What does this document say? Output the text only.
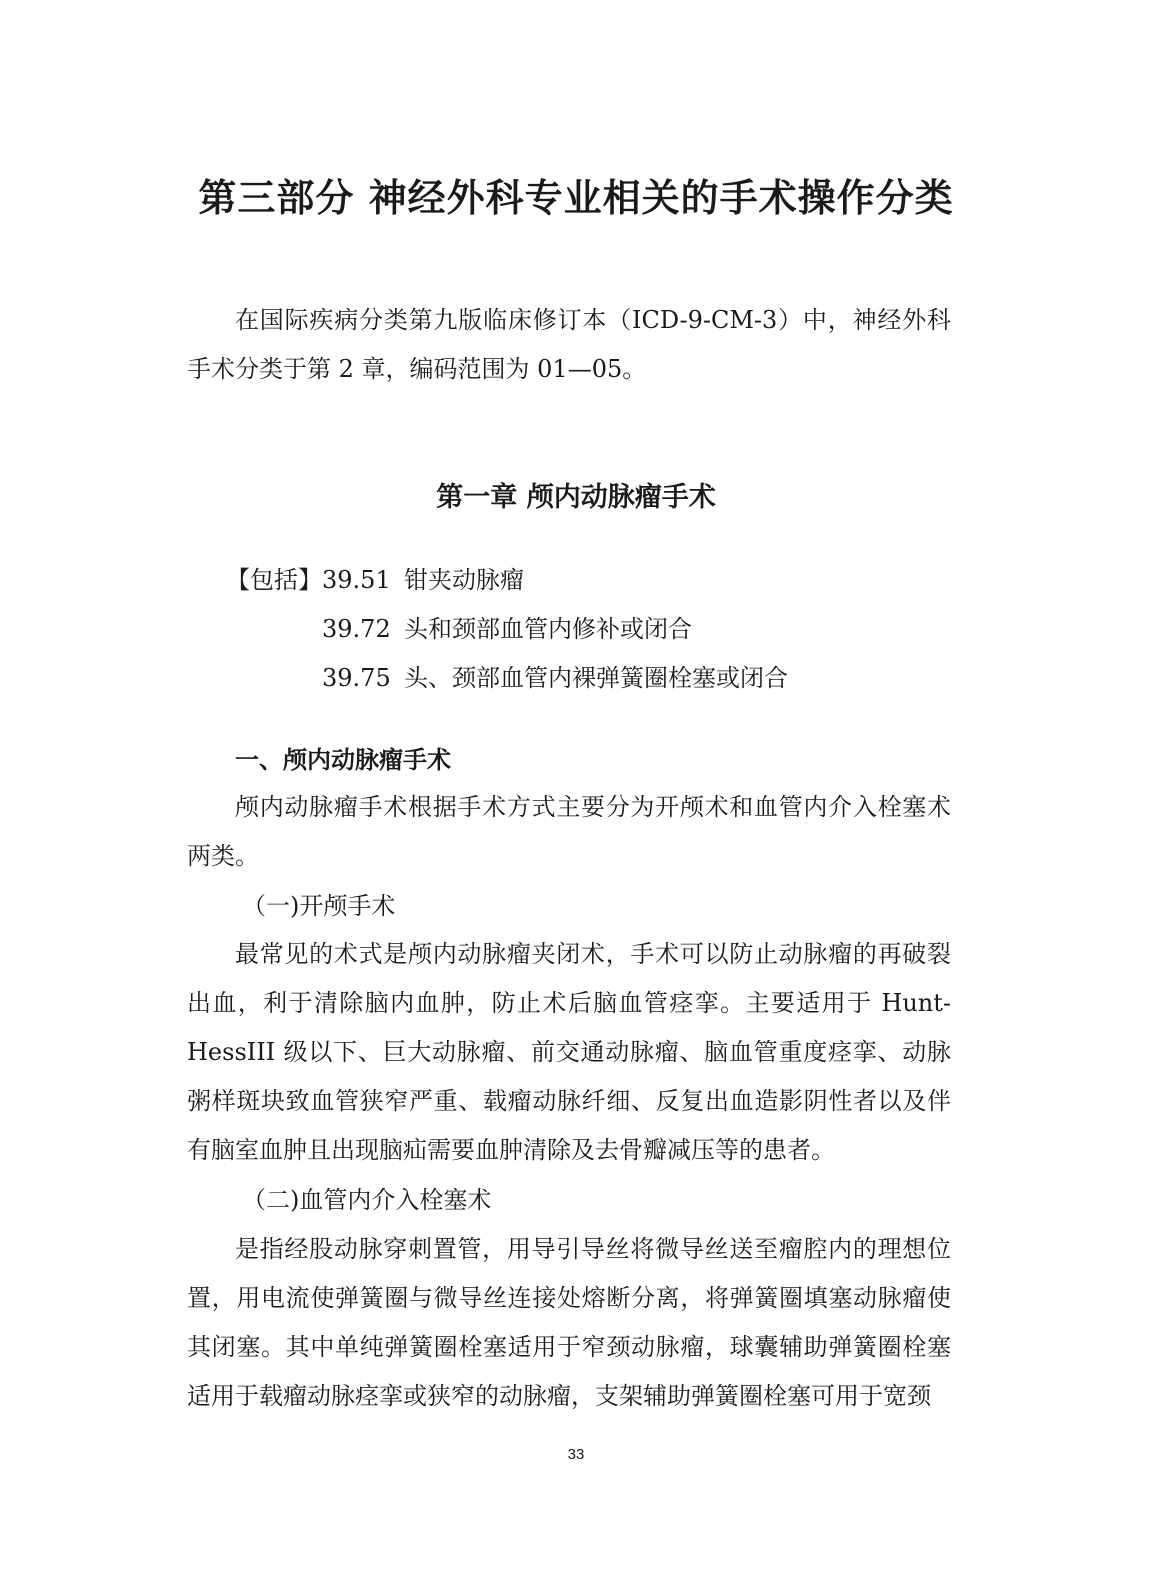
第三部分 神经外科专业相关的手术操作分类

在国际疾病分类第九版临床修订本（ICD-9-CM-3）中，神经外科手术分类于第 2 章，编码范围为 01—05。

第一章 颅内动脉瘤手术
【包括】 39.51 钳夹动脉瘤
39.72 头和颈部血管内修补或闭合
39.75 头、颈部血管内裸弹簧圈栓塞或闭合
一、颅内动脉瘤手术

颅内动脉瘤手术根据手术方式主要分为开颅术和血管内介入栓塞术两类。

（一)开颅手术

最常见的术式是颅内动脉瘤夹闭术，手术可以防止动脉瘤的再破裂出血，利于清除脑内血肿，防止术后脑血管痉挛。主要适用于 Hunt-HessIII 级以下、巨大动脉瘤、前交通动脉瘤、脑血管重度痉挛、动脉粥样斑块致血管狭窄严重、载瘤动脉纤细、反复出血造影阴性者以及伴有脑室血肿且出现脑疝需要血肿清除及去骨瓣减压等的患者。

（二)血管内介入栓塞术

是指经股动脉穿刺置管，用导引导丝将微导丝送至瘤腔内的理想位置，用电流使弹簧圈与微导丝连接处熔断分离，将弹簧圈填塞动脉瘤使其闭塞。其中单纯弹簧圈栓塞适用于窄颈动脉瘤，球囊辅助弹簧圈栓塞适用于载瘤动脉痉挛或狭窄的动脉瘤，支架辅助弹簧圈栓塞可用于宽颈

33
